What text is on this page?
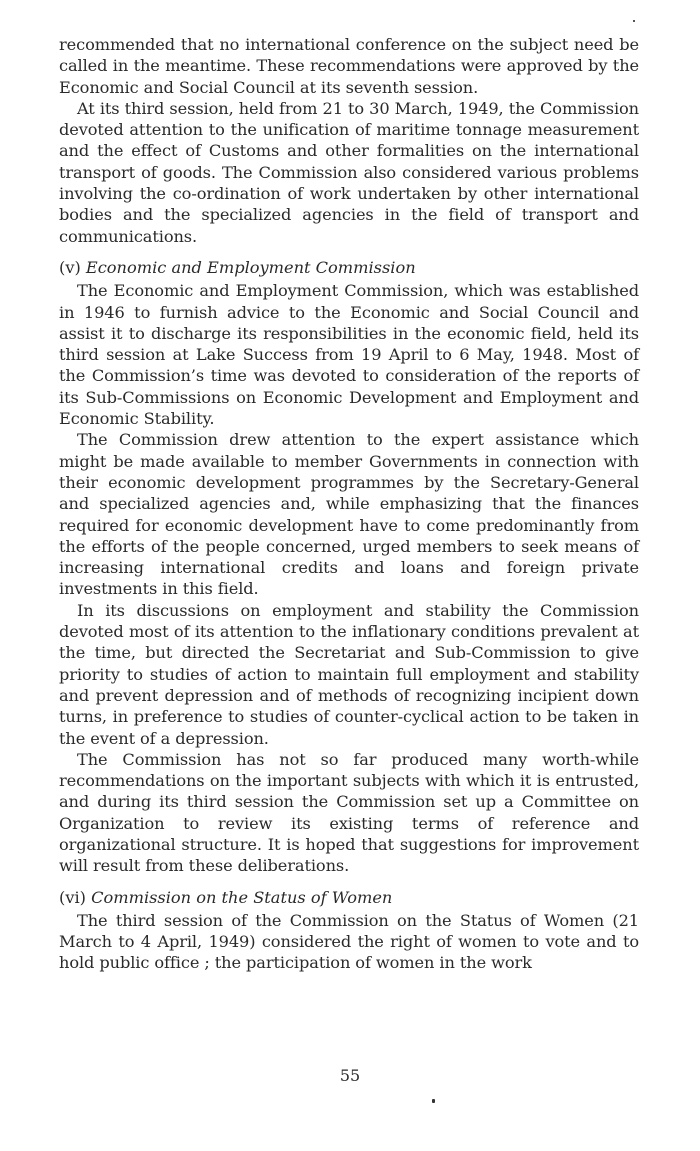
recommended that no international conference on the subject need be called in the meantime. These recommendations were approved by the Economic and Social Council at its seventh session.

At its third session, held from 21 to 30 March, 1949, the Commission devoted attention to the unification of maritime tonnage measurement and the effect of Customs and other formalities on the international transport of goods. The Commission also considered various problems involving the co-ordination of work undertaken by other international bodies and the specialized agencies in the field of transport and communications.

(v) Economic and Employment Commission

The Economic and Employment Commission, which was established in 1946 to furnish advice to the Economic and Social Council and assist it to discharge its responsibilities in the economic field, held its third session at Lake Success from 19 April to 6 May, 1948. Most of the Commission’s time was devoted to consideration of the reports of its Sub-Commissions on Economic Development and Employment and Economic Stability.

The Commission drew attention to the expert assistance which might be made available to member Governments in connection with their economic development programmes by the Secretary-General and specialized agencies and, while emphasizing that the finances required for economic development have to come predominantly from the efforts of the people concerned, urged members to seek means of increasing international credits and loans and foreign private investments in this field.

In its discussions on employment and stability the Commission devoted most of its attention to the inflationary conditions prevalent at the time, but directed the Secretariat and Sub-Commission to give priority to studies of action to maintain full employment and stability and prevent depression and of methods of recognizing incipient down turns, in preference to studies of counter-cyclical action to be taken in the event of a depression.

The Commission has not so far produced many worth-while recommendations on the important subjects with which it is entrusted, and during its third session the Commission set up a Committee on Organization to review its existing terms of reference and organizational structure. It is hoped that suggestions for improvement will result from these deliberations.

(vi) Commission on the Status of Women

The third session of the Commission on the Status of Women (21 March to 4 April, 1949) considered the right of women to vote and to hold public office ; the participation of women in the work

55
